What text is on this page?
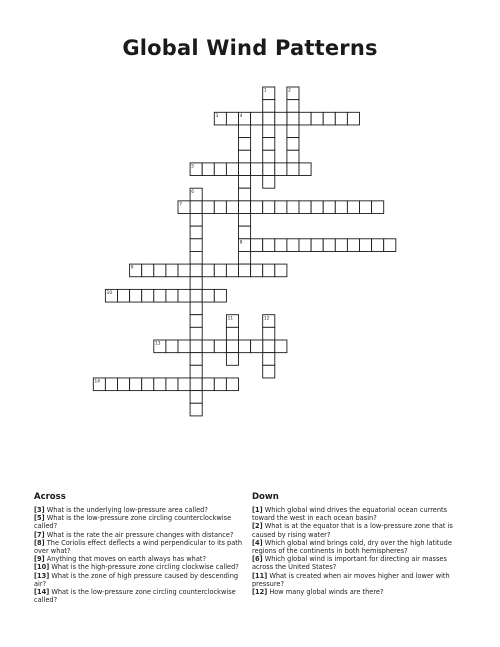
Global Wind Patterns
1	2
3	4
5
6
7
8
9
10
11	12
13
14
Across

[3] What is the underlying low-pressure area called?

[5] What is the low-pressure zone circling counterclockwise called?

[7] What is the rate the air pressure changes with distance?

[8] The Coriolis effect deflects a wind perpendicular to its path over what?

[9] Anything that moves on earth always has what?

[10] What is the high-pressure zone circling clockwise called?

[13] What is the zone of high pressure caused by descending air?

[14] What is the low-pressure zone circling counterclockwise called?

Down

[1] Which global wind drives the equatorial ocean currents toward the west in each ocean basin?

[2] What is at the equator that is a low-pressure zone that is caused by rising water?

[4] Which global wind brings cold, dry over the high latitude regions of the continents in both hemispheres?

[6] Which global wind is important for directing air masses across the United States?

[11] What is created when air moves higher and lower with pressure?

[12] How many global winds are there?
